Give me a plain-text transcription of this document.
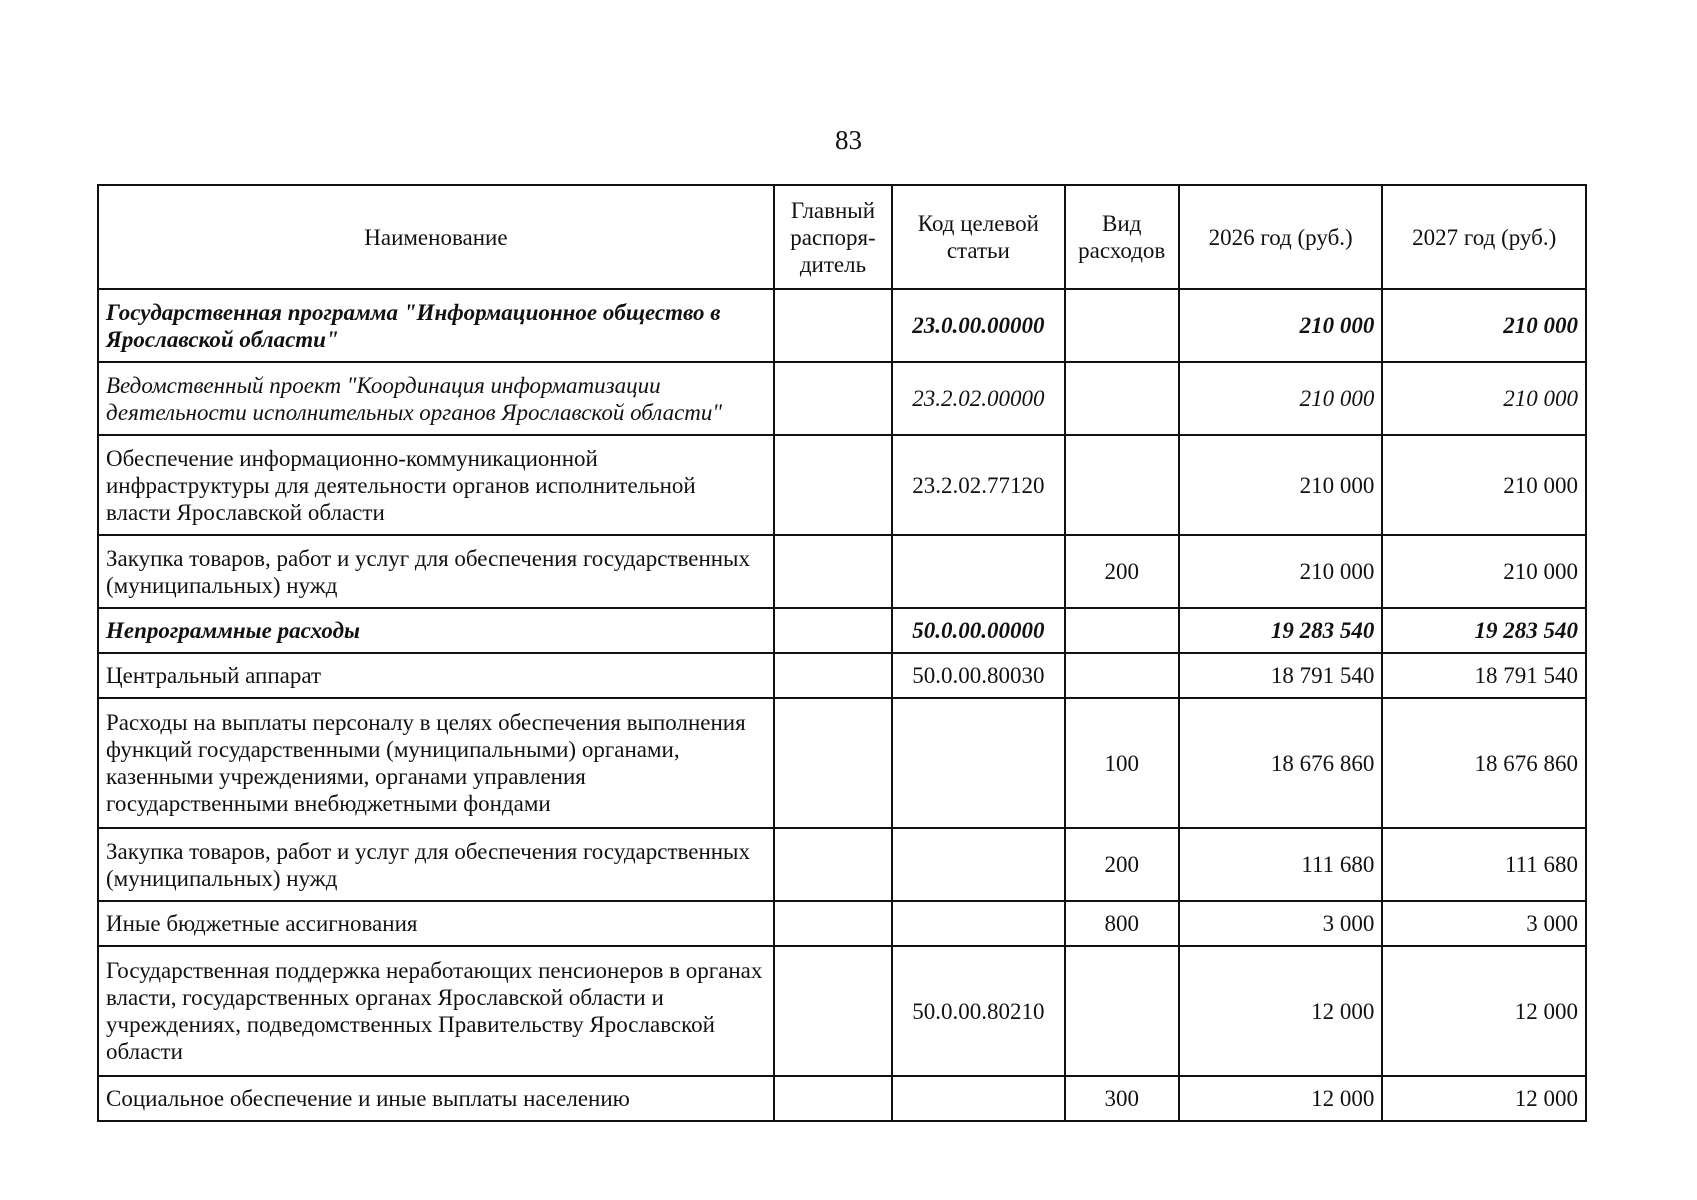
83
Наименование	Главный распоря-дитель	Код целевой статьи	Вид расходов	2026 год (руб.)	2027 год (руб.)
Государственная программа "Информационное общество в Ярославской области"		23.0.00.00000		210 000	210 000
Ведомственный проект "Координация информатизации деятельности исполнительных органов Ярославской области"		23.2.02.00000		210 000	210 000
Обеспечение информационно-коммуникационной инфраструктуры для деятельности органов исполнительной власти Ярославской области		23.2.02.77120		210 000	210 000
Закупка товаров, работ и услуг для обеспечения государственных (муниципальных) нужд			200	210 000	210 000
Непрограммные расходы		50.0.00.00000		19 283 540	19 283 540
Центральный аппарат		50.0.00.80030		18 791 540	18 791 540
Расходы на выплаты персоналу в целях обеспечения выполнения функций государственными (муниципальными) органами, казенными учреждениями, органами управления государственными внебюджетными фондами			100	18 676 860	18 676 860
Закупка товаров, работ и услуг для обеспечения государственных (муниципальных) нужд			200	111 680	111 680
Иные бюджетные ассигнования			800	3 000	3 000
Государственная поддержка неработающих пенсионеров в органах власти, государственных органах Ярославской области и учреждениях, подведомственных Правительству Ярославской области		50.0.00.80210		12 000	12 000
Социальное обеспечение и иные выплаты населению			300	12 000	12 000
